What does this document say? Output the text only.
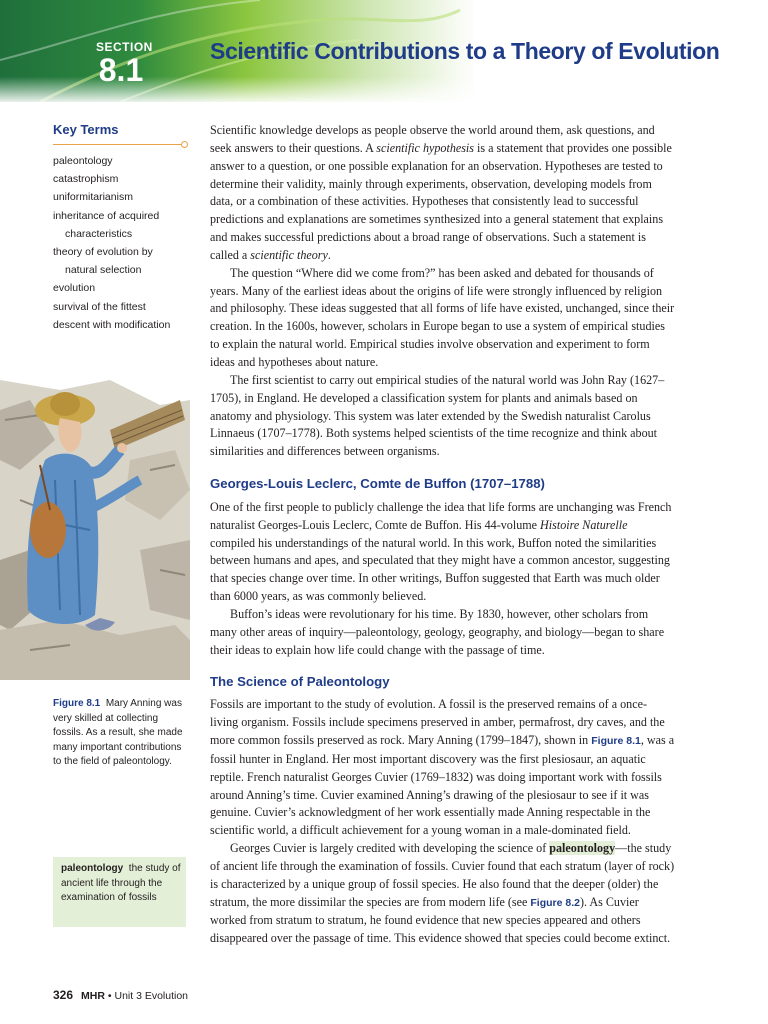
SECTION
8.1
Scientific Contributions to a Theory of Evolution
Key Terms
paleontology
catastrophism
uniformitarianism
inheritance of acquired
characteristics
theory of evolution by
natural selection
evolution
survival of the fittest
descent with modification
Figure 8.1 Mary Anning was very skilled at collecting fossils. As a result, she made many important contributions to the field of paleontology.
paleontology the study of ancient life through the examination of fossils

Scientific knowledge develops as people observe the world around them, ask questions, and seek answers to their questions. A scientific hypothesis is a statement that provides one possible answer to a question, or one possible explanation for an observation. Hypotheses are tested to determine their validity, mainly through experiments, observation, developing models from data, or a combination of these activities. Hypotheses that consistently lead to successful predictions and explanations are sometimes synthesized into a general statement that explains and makes successful predictions about a broad range of observations. Such a statement is called a scientific theory.

The question “Where did we come from?” has been asked and debated for thousands of years. Many of the earliest ideas about the origins of life were strongly influenced by religion and philosophy. These ideas suggested that all forms of life have existed, unchanged, since their creation. In the 1600s, however, scholars in Europe began to use a system of empirical studies to explain the natural world. Empirical studies involve observation and experiment to form ideas and hypotheses about nature.

The first scientist to carry out empirical studies of the natural world was John Ray (1627–1705), in England. He developed a classification system for plants and animals based on anatomy and physiology. This system was later extended by the Swedish naturalist Carolus Linnaeus (1707–1778). Both systems helped scientists of the time recognize and think about similarities and differences between organisms.

Georges-Louis Leclerc, Comte de Buffon (1707–1788)

One of the first people to publicly challenge the idea that life forms are unchanging was French naturalist Georges-Louis Leclerc, Comte de Buffon. His 44-volume Histoire Naturelle compiled his understandings of the natural world. In this work, Buffon noted the similarities between humans and apes, and speculated that they might have a common ancestor, suggesting that species change over time. In other writings, Buffon suggested that Earth was much older than 6000 years, as was commonly believed.

Buffon’s ideas were revolutionary for his time. By 1830, however, other scholars from many other areas of inquiry—paleontology, geology, geography, and biology—began to share their ideas to explain how life could change with the passage of time.

The Science of Paleontology

Fossils are important to the study of evolution. A fossil is the preserved remains of a once-living organism. Fossils include specimens preserved in amber, permafrost, dry caves, and the more common fossils preserved as rock. Mary Anning (1799–1847), shown in Figure 8.1, was a fossil hunter in England. Her most important discovery was the first plesiosaur, an aquatic reptile. French naturalist Georges Cuvier (1769–1832) was doing important work with fossils around Anning’s time. Cuvier examined Anning’s drawing of the plesiosaur to see if it was genuine. Cuvier’s acknowledgment of her work essentially made Anning respectable in the scientific world, a difficult achievement for a young woman in a male-dominated field.

Georges Cuvier is largely credited with developing the science of paleontology—the study of ancient life through the examination of fossils. Cuvier found that each stratum (layer of rock) is characterized by a unique group of fossil species. He also found that the deeper (older) the stratum, the more dissimilar the species are from modern life (see Figure 8.2). As Cuvier worked from stratum to stratum, he found evidence that new species appeared and others disappeared over the passage of time. This evidence showed that species could become extinct.

326 MHR • Unit 3 Evolution
